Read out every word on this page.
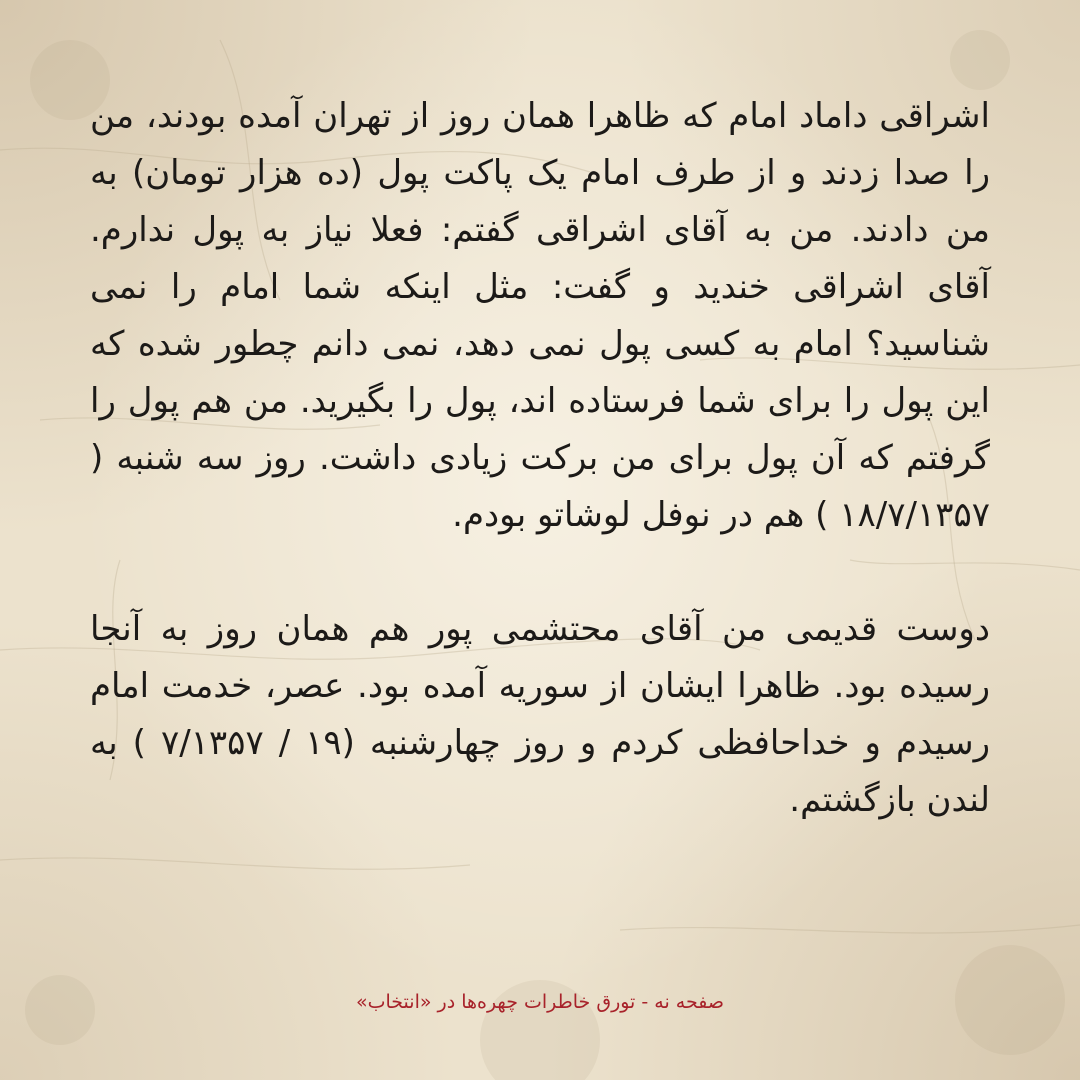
اشراقی داماد امام که ظاهرا همان روز از تهران آمده بودند، من را صدا زدند و از طرف امام یک پاکت پول (ده هزار تومان) به من دادند. من به آقای اشراقی گفتم: فعلا نیاز به پول ندارم. آقای اشراقی خندید و گفت: مثل اینکه شما امام را نمی شناسید؟ امام به کسی پول نمی دهد، نمی دانم چطور شده که این پول را برای شما فرستاده اند، پول را بگیرید. من هم پول را گرفتم که آن پول برای من برکت زیادی داشت. روز سه شنبه ( ۱۸/۷/۱۳۵۷ ) هم در نوفل لوشاتو بودم.

دوست قدیمی من آقای محتشمی پور هم همان روز به آنجا رسیده بود. ظاهرا ایشان از سوریه آمده بود. عصر، خدمت امام رسیدم و خداحافظی کردم و روز چهارشنبه (۱۹ / ۷/۱۳۵۷ ) به لندن بازگشتم.

صفحه نه - تورق خاطرات چهره‌ها در «انتخاب»
